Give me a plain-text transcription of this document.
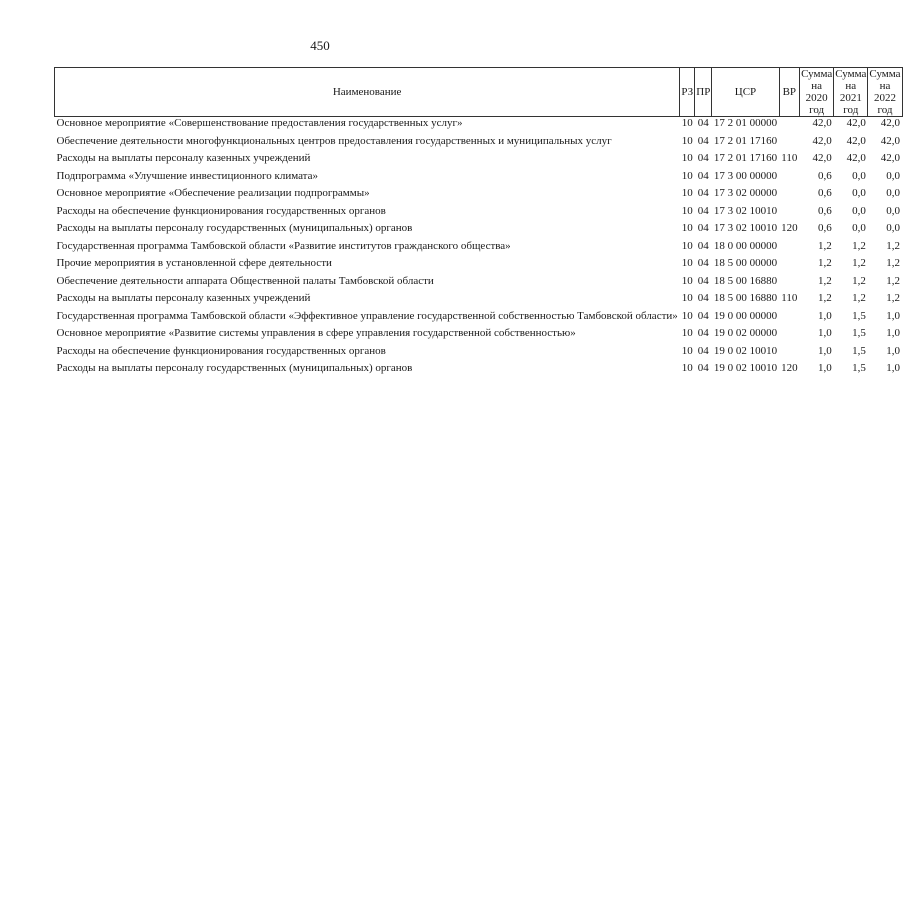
450
Наименование	РЗ	ПР	ЦСР	ВР	Сумма на 2020 год	Сумма на 2021 год	Сумма на 2022 год
Основное мероприятие «Совершенствование предоставления государственных услуг»	10	04	17 2 01 00000		42,0	42,0	42,0

Обеспечение деятельности многофункциональных центров предоставления государственных и муниципальных услуг	10	04	17 2 01 17160		42,0	42,0	42,0

Расходы на выплаты персоналу казенных учреждений	10	04	17 2 01 17160	110	42,0	42,0	42,0

Подпрограмма «Улучшение инвестиционного климата»	10	04	17 3 00 00000		0,6	0,0	0,0

Основное мероприятие «Обеспечение реализации подпрограммы»	10	04	17 3 02 00000		0,6	0,0	0,0

Расходы на обеспечение функционирования государственных органов	10	04	17 3 02 10010		0,6	0,0	0,0

Расходы на выплаты персоналу государственных (муниципальных) органов	10	04	17 3 02 10010	120	0,6	0,0	0,0

Государственная программа Тамбовской области «Развитие институтов гражданского общества»	10	04	18 0 00 00000		1,2	1,2	1,2

Прочие мероприятия в установленной сфере деятельности	10	04	18 5 00 00000		1,2	1,2	1,2

Обеспечение деятельности аппарата Общественной палаты Тамбовской области	10	04	18 5 00 16880		1,2	1,2	1,2

Расходы на выплаты персоналу казенных учреждений	10	04	18 5 00 16880	110	1,2	1,2	1,2

Государственная программа Тамбовской области «Эффективное управление государственной собственностью Тамбовской области»	10	04	19 0 00 00000		1,0	1,5	1,0

Основное мероприятие «Развитие системы управления в сфере управления государственной собственностью»	10	04	19 0 02 00000		1,0	1,5	1,0

Расходы на обеспечение функционирования государственных органов	10	04	19 0 02 10010		1,0	1,5	1,0

Расходы на выплаты персоналу государственных (муниципальных) органов	10	04	19 0 02 10010	120	1,0	1,5	1,0
